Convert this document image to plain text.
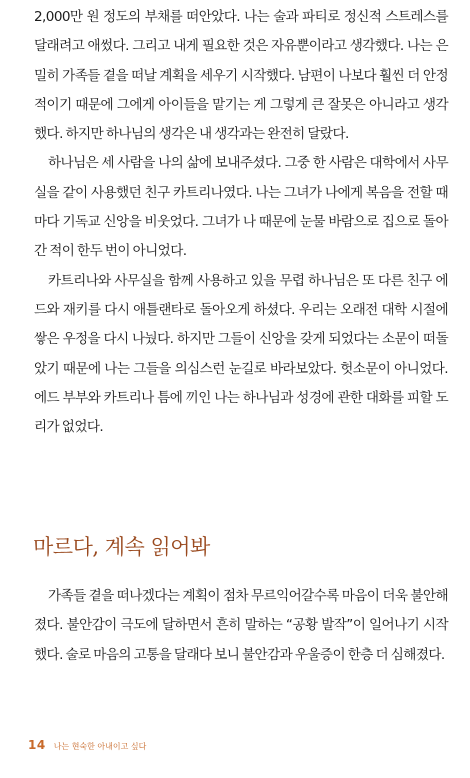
2,000만 원 정도의 부채를 떠안았다. 나는 술과 파티로 정신적 스트레스를 달래려고 애썼다. 그리고 내게 필요한 것은 자유뿐이라고 생각했다. 나는 은밀히 가족들 곁을 떠날 계획을 세우기 시작했다. 남편이 나보다 훨씬 더 안정적이기 때문에 그에게 아이들을 맡기는 게 그렇게 큰 잘못은 아니라고 생각했다. 하지만 하나님의 생각은 내 생각과는 완전히 달랐다.

하나님은 세 사람을 나의 삶에 보내주셨다. 그중 한 사람은 대학에서 사무실을 같이 사용했던 친구 카트리나였다. 나는 그녀가 나에게 복음을 전할 때마다 기독교 신앙을 비웃었다. 그녀가 나 때문에 눈물 바람으로 집으로 돌아간 적이 한두 번이 아니었다.

카트리나와 사무실을 함께 사용하고 있을 무렵 하나님은 또 다른 친구 에드와 재키를 다시 애틀랜타로 돌아오게 하셨다. 우리는 오래전 대학 시절에 쌓은 우정을 다시 나눴다. 하지만 그들이 신앙을 갖게 되었다는 소문이 떠돌았기 때문에 나는 그들을 의심스런 눈길로 바라보았다. 헛소문이 아니었다. 에드 부부와 카트리나 틈에 끼인 나는 하나님과 성경에 관한 대화를 피할 도리가 없었다.

마르다, 계속 읽어봐

가족들 곁을 떠나겠다는 계획이 점차 무르익어갈수록 마음이 더욱 불안해졌다. 불안감이 극도에 달하면서 흔히 말하는 “공황 발작”이 일어나기 시작했다. 술로 마음의 고통을 달래다 보니 불안감과 우울증이 한층 더 심해졌다.

14 나는 현숙한 아내이고 싶다
